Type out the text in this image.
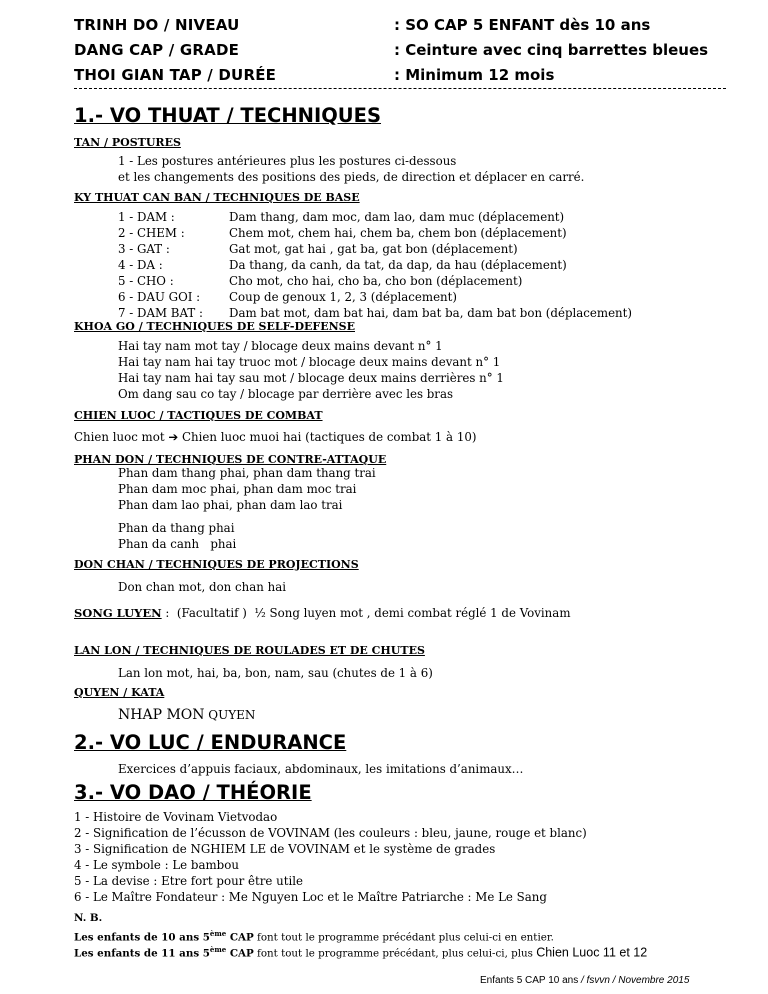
TRINH DO / NIVEAU	: SO CAP 5 ENFANT dès 10 ans
DANG CAP / GRADE	: Ceinture avec cinq barrettes bleues
THOI GIAN TAP / DURÉE	: Minimum 12 mois
1.- VO THUAT / TECHNIQUES
TAN / POSTURES
1 - Les postures antérieures plus les postures ci-dessous
et les changements des positions des pieds, de direction et déplacer en carré.
KY THUAT CAN BAN / TECHNIQUES DE BASE
1 - DAM :	Dam thang, dam moc, dam lao, dam muc (déplacement)
2 - CHEM :	Chem mot, chem hai, chem ba, chem bon (déplacement)
3 - GAT :	Gat mot, gat hai , gat ba, gat bon (déplacement)
4 - DA :	Da thang, da canh, da tat, da dap, da hau (déplacement)
5 - CHO :	Cho mot, cho hai, cho ba, cho bon (déplacement)
6 - DAU GOI : Coup de genoux 1, 2, 3 (déplacement)
7 - DAM BAT : Dam bat mot, dam bat hai, dam bat ba, dam bat bon (déplacement)
KHOA GO / TECHNIQUES DE SELF-DEFENSE
Hai tay nam mot tay / blocage deux mains devant n° 1
Hai tay nam hai tay truoc mot / blocage deux mains devant n° 1
Hai tay nam hai tay sau mot / blocage deux mains derrières n° 1
Om dang sau co tay / blocage par derrière avec les bras
CHIEN LUOC / TACTIQUES DE COMBAT
Chien luoc mot ➔ Chien luoc muoi hai (tactiques de combat 1 à 10)
PHAN DON / TECHNIQUES DE CONTRE-ATTAQUE
Phan dam thang phai, phan dam thang trai
Phan dam moc phai, phan dam moc trai
Phan dam lao phai, phan dam lao trai
Phan da thang phai
Phan da canh   phai
DON CHAN / TECHNIQUES DE PROJECTIONS
Don chan mot, don chan hai
SONG LUYEN :  (Facultatif )  ½ Song luyen mot , demi combat réglé 1 de Vovinam
LAN LON / TECHNIQUES DE ROULADES ET DE CHUTES
Lan lon mot, hai, ba, bon, nam, sau (chutes de 1 à 6)
QUYEN / KATA
NHAP MON QUYEN
2.- VO LUC / ENDURANCE
Exercices d’appuis faciaux, abdominaux, les imitations d’animaux…
3.- VO DAO / THÉORIE
1 - Histoire de Vovinam Vietvodao
2 - Signification de l’écusson de VOVINAM (les couleurs : bleu, jaune, rouge et blanc)
3 - Signification de NGHIEM LE de VOVINAM et le système de grades
4 - Le symbole : Le bambou
5 - La devise : Etre fort pour être utile
6 - Le Maître Fondateur : Me Nguyen Loc et le Maître Patriarche : Me Le Sang
N. B.
Les enfants de 10 ans 5ème CAP font tout le programme précédant plus celui-ci en entier.
Les enfants de 11 ans 5ème CAP font tout le programme précédant, plus celui-ci, plus Chien Luoc 11 et 12
Enfants 5 CAP 10 ans / fsvvn / Novembre 2015
